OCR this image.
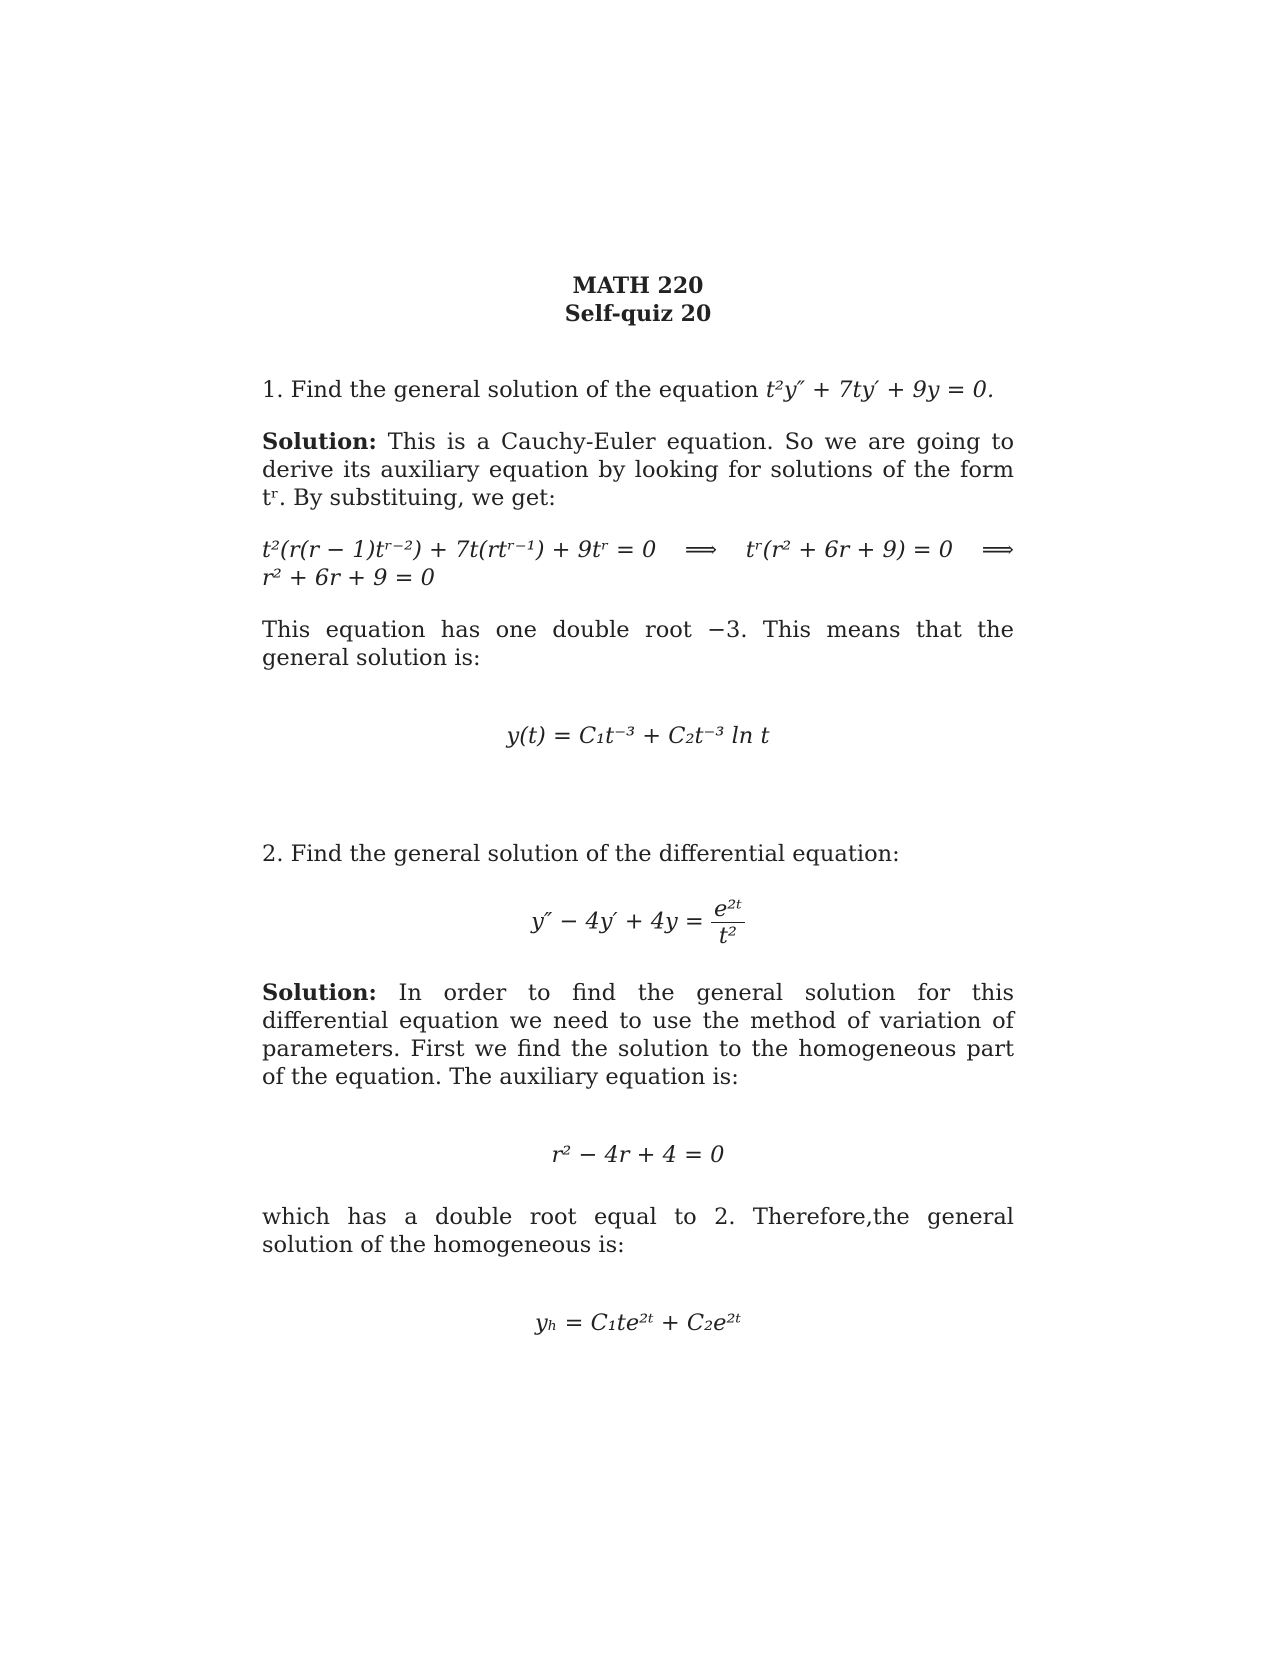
MATH 220

Self-quiz 20

1. Find the general solution of the equation t²y″ + 7ty′ + 9y = 0.

Solution: This is a Cauchy-Euler equation. So we are going to derive its auxiliary equation by looking for solutions of the form tʳ. By substituing, we get:

t²(r(r − 1)tʳ⁻²) + 7t(rtʳ⁻¹) + 9tʳ = 0 ⟹ tʳ(r² + 6r + 9) = 0 ⟹

r² + 6r + 9 = 0

This equation has one double root −3. This means that the general solution is:

y(t) = C₁t⁻³ + C₂t⁻³ ln t

2. Find the general solution of the differential equation:

$y'' - 4y' + 4y = \frac{\text{e²ᵗ}}{\text{t²}}$

Solution: In order to find the general solution for this differential equation we need to use the method of variation of parameters. First we find the solution to the homogeneous part of the equation. The auxiliary equation is:

r² − 4r + 4 = 0

which has a double root equal to 2. Therefore,the general solution of the homogeneous is:

yₕ = C₁te²ᵗ + C₂e²ᵗ
